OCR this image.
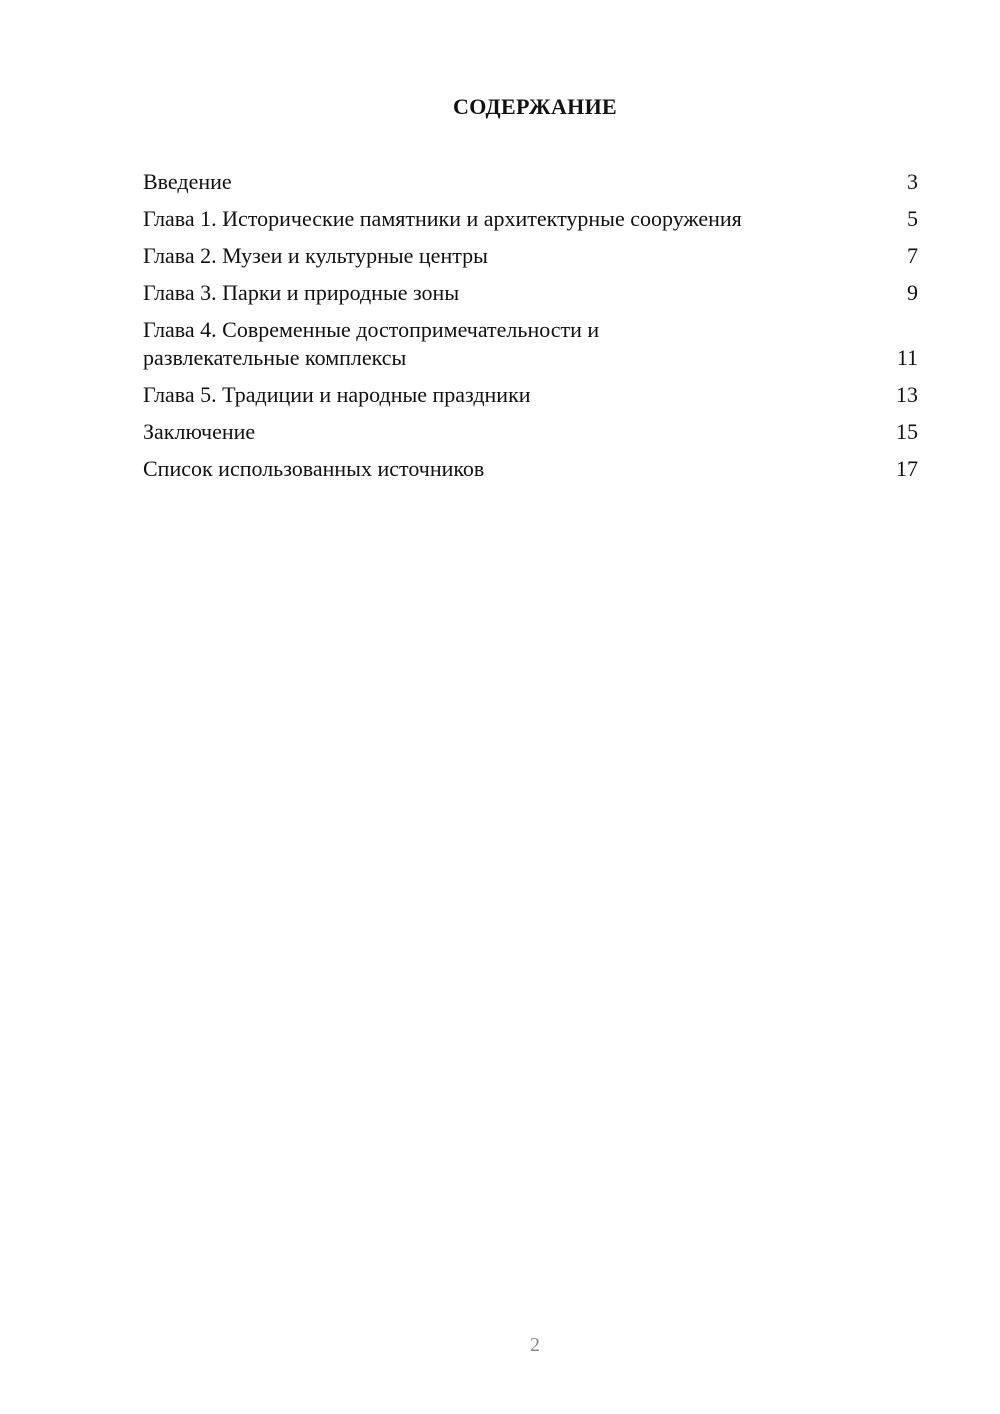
СОДЕРЖАНИЕ
Введение	3
Глава 1. Исторические памятники и архитектурные сооружения	5
Глава 2. Музеи и культурные центры	7
Глава 3. Парки и природные зоны	9
Глава 4. Современные достопримечательности и развлекательные комплексы	11
Глава 5. Традиции и народные праздники	13
Заключение	15
Список использованных источников	17
2
